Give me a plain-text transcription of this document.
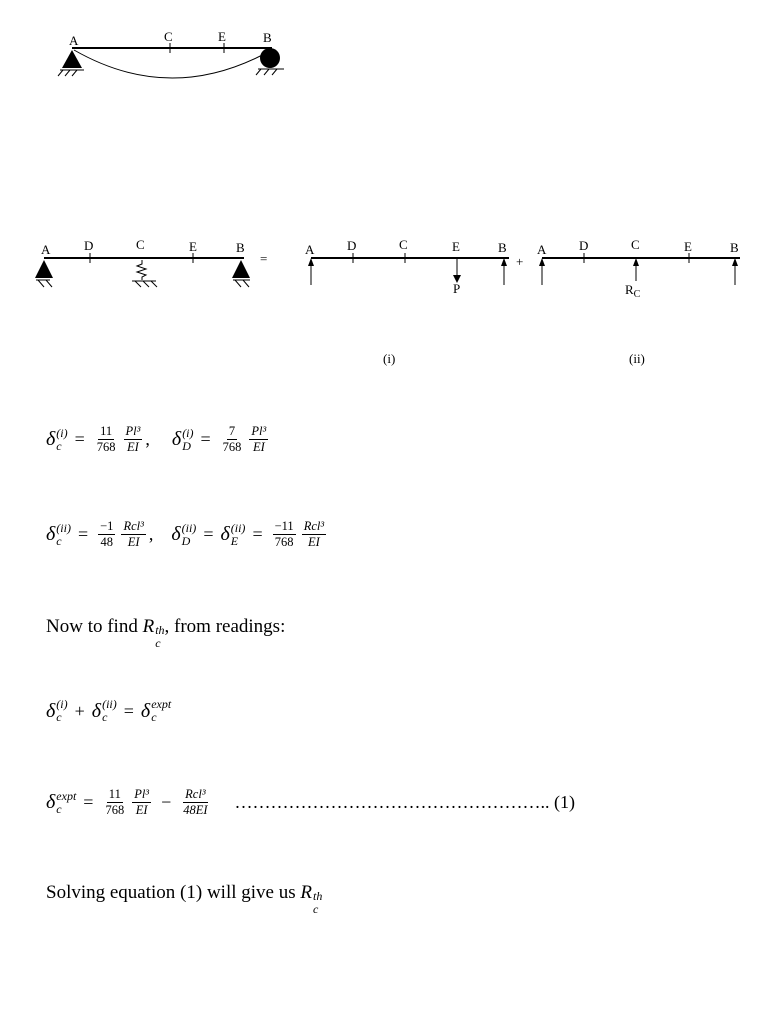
A	C	E	B
A	D	C	E	B
=
A	D	C	E	B
P
+
A	D	C	E	B
$R_C$
(i)	(ii)
δ (i)
$c = \frac{11}{768} \frac{\text{Pl³}}{EI}$ , δ (i)
$D = \frac{7}{768} \frac{\text{Pl³}}{EI}$
δ (ii)
$c = \frac{-1}{48} \frac{\text{Rcl³}}{EI}$ , δ (ii)
D = δ (ii)
$E = \frac{-11}{768} \frac{\text{Rcl³}}{EI}$
Now to find R th
c
, from readings:
δ (i)
c + δ (ii)
c = δ expt
c
δ expt
c	= $\frac{11}{768} \frac{\text{Pl³}}{EI} - \frac{\text{Rcl³}}{48EI}$ …………………………………………….. (1)
Solving equation (1) will give us R th
c
